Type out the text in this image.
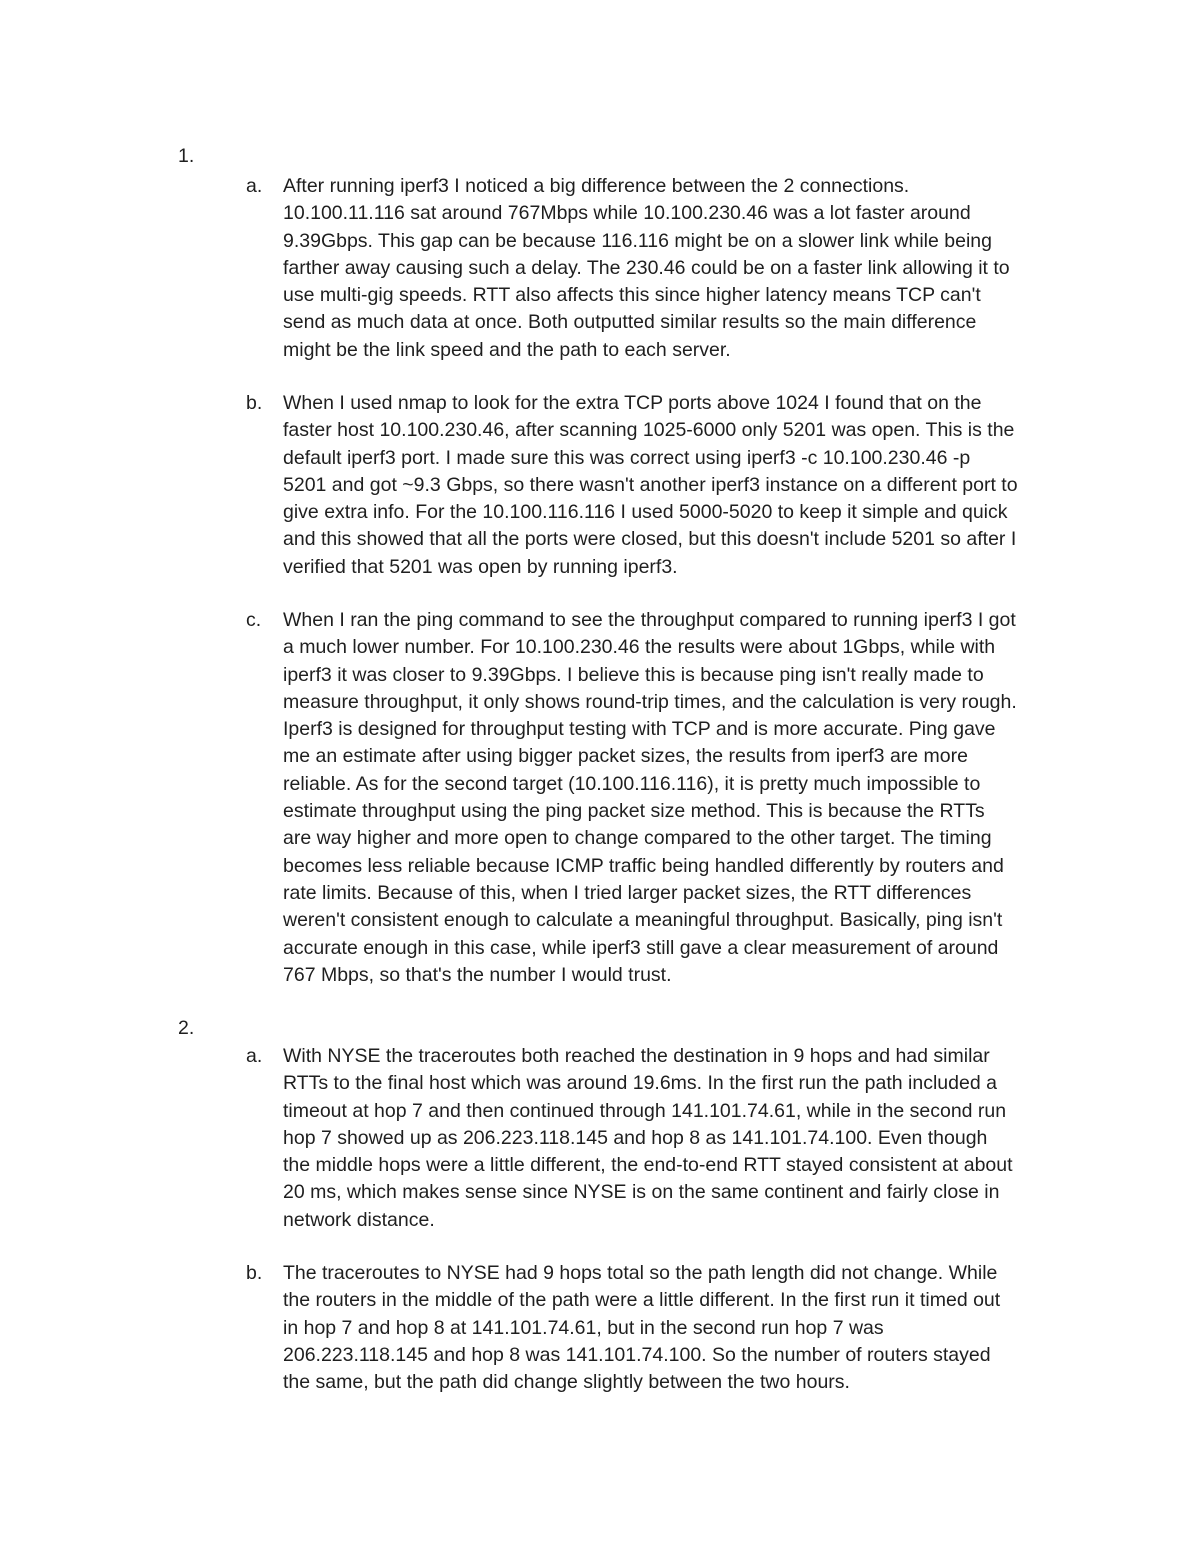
1.
a. After running iperf3 I noticed a big difference between the 2 connections.
10.100.11.116 sat around 767Mbps while 10.100.230.46 was a lot faster around
9.39Gbps. This gap can be because 116.116 might be on a slower link while being
farther away causing such a delay. The 230.46 could be on a faster link allowing it to
use multi-gig speeds. RTT also affects this since higher latency means TCP can't
send as much data at once. Both outputted similar results so the main difference
might be the link speed and the path to each server.
b. When I used nmap to look for the extra TCP ports above 1024 I found that on the
faster host 10.100.230.46, after scanning 1025-6000 only 5201 was open. This is the
default iperf3 port. I made sure this was correct using iperf3 -c 10.100.230.46 -p
5201 and got ~9.3 Gbps, so there wasn't another iperf3 instance on a different port to
give extra info. For the 10.100.116.116 I used 5000-5020 to keep it simple and quick
and this showed that all the ports were closed, but this doesn't include 5201 so after I
verified that 5201 was open by running iperf3.
c. When I ran the ping command to see the throughput compared to running iperf3 I got
a much lower number. For 10.100.230.46 the results were about 1Gbps, while with
iperf3 it was closer to 9.39Gbps. I believe this is because ping isn't really made to
measure throughput, it only shows round-trip times, and the calculation is very rough.
Iperf3 is designed for throughput testing with TCP and is more accurate. Ping gave
me an estimate after using bigger packet sizes, the results from iperf3 are more
reliable. As for the second target (10.100.116.116), it is pretty much impossible to
estimate throughput using the ping packet size method. This is because the RTTs
are way higher and more open to change compared to the other target. The timing
becomes less reliable because ICMP traffic being handled differently by routers and
rate limits. Because of this, when I tried larger packet sizes, the RTT differences
weren't consistent enough to calculate a meaningful throughput. Basically, ping isn't
accurate enough in this case, while iperf3 still gave a clear measurement of around
767 Mbps, so that's the number I would trust.
2.
a. With NYSE the traceroutes both reached the destination in 9 hops and had similar
RTTs to the final host which was around 19.6ms. In the first run the path included a
timeout at hop 7 and then continued through 141.101.74.61, while in the second run
hop 7 showed up as 206.223.118.145 and hop 8 as 141.101.74.100. Even though
the middle hops were a little different, the end-to-end RTT stayed consistent at about
20 ms, which makes sense since NYSE is on the same continent and fairly close in
network distance.
b. The traceroutes to NYSE had 9 hops total so the path length did not change. While
the routers in the middle of the path were a little different. In the first run it timed out
in hop 7 and hop 8 at 141.101.74.61, but in the second run hop 7 was
206.223.118.145 and hop 8 was 141.101.74.100. So the number of routers stayed
the same, but the path did change slightly between the two hours.
